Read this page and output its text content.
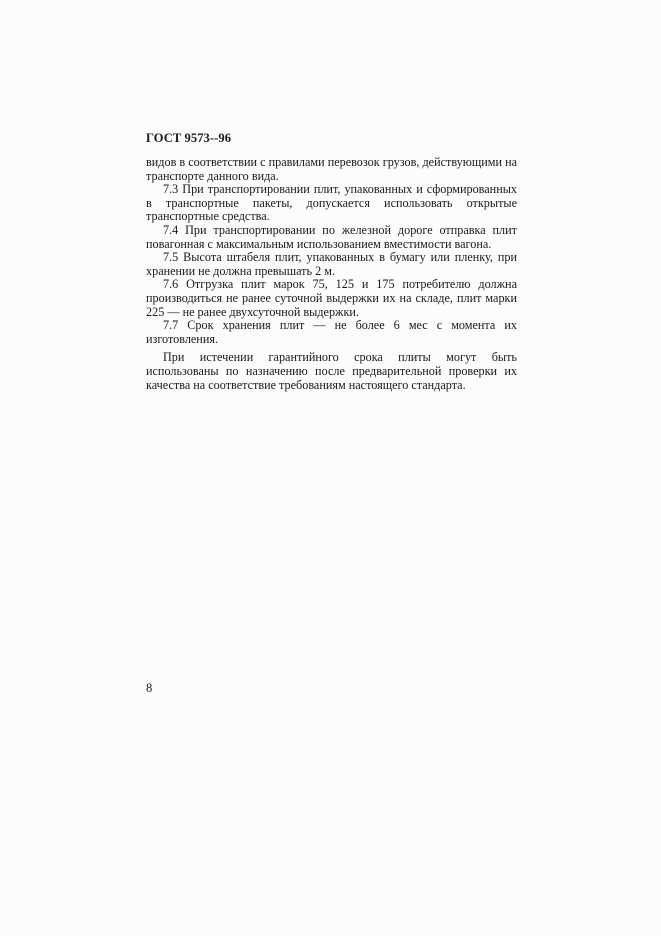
ГОСТ 9573--96

видов в соответствии с правилами перевозок грузов, действующими на транспорте данного вида.

7.3 При транспортировании плит, упакованных и сформированных в транспортные пакеты, допускается использовать открытые транспортные средства.

7.4 При транспортировании по железной дороге отправка плит повагонная с максимальным использованием вместимости вагона.

7.5 Высота штабеля плит, упакованных в бумагу или пленку, при хранении не должна превышать 2 м.

7.6 Отгрузка плит марок 75, 125 и 175 потребителю должна производиться не ранее суточной выдержки их на складе, плит марки 225 — не ранее двухсуточной выдержки.

7.7 Срок хранения плит — не более 6 мес с момента их изготовления.

При истечении гарантийного срока плиты могут быть использованы по назначению после предварительной проверки их качества на соответствие требованиям настоящего стандарта.

8
